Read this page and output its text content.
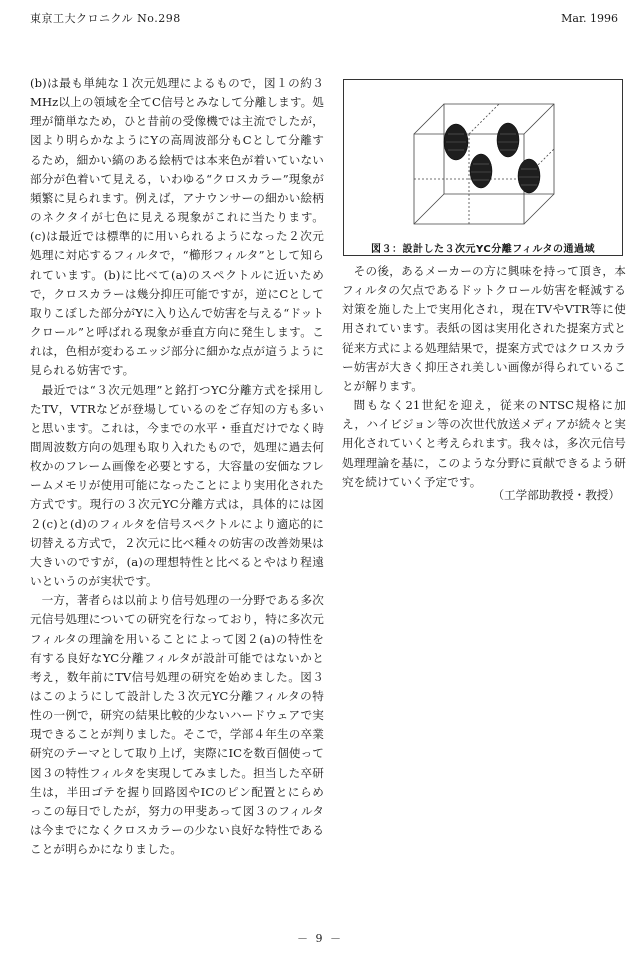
東京工大クロニクル No.298	Mar. 1996

(b)は最も単純な１次元処理によるもので，図１の約３MHz以上の領域を全てC信号とみなして分離します。処理が簡単なため，ひと昔前の受像機では主流でしたが，図より明らかなようにYの高周波部分もCとして分離するため，細かい縞のある絵柄では本来色が着いていない部分が色着いて見える，いわゆる“クロスカラー”現象が頻繁に見られます。例えば，アナウンサーの細かい絵柄のネクタイが七色に見える現象がこれに当たります。(c)は最近では標準的に用いられるようになった２次元処理に対応するフィルタで，“櫛形フィルタ”として知られています。(b)に比べて(a)のスペクトルに近いためで，クロスカラーは幾分抑圧可能ですが，逆にCとして取りこぼした部分がYに入り込んで妨害を与える“ドットクロール”と呼ばれる現象が垂直方向に発生します。これは，色相が変わるエッジ部分に細かな点が這うように見られる妨害です。

最近では“３次元処理”と銘打つYC分離方式を採用したTV，VTRなどが登場しているのをご存知の方も多いと思います。これは，今までの水平・垂直だけでなく時間周波数方向の処理も取り入れたもので，処理に過去何枚かのフレーム画像を必要とする，大容量の安価なフレームメモリが使用可能になったことにより実用化された方式です。現行の３次元YC分離方式は，具体的には図２(c)と(d)のフィルタを信号スペクトルにより適応的に切替える方式で，２次元に比べ種々の妨害の改善効果は大きいのですが，(a)の理想特性と比べるとやはり程遠いというのが実状です。

一方，著者らは以前より信号処理の一分野である多次元信号処理についての研究を行なっており，特に多次元フィルタの理論を用いることによって図２(a)の特性を有する良好なYC分離フィルタが設計可能ではないかと考え，数年前にTV信号処理の研究を始めました。図３はこのようにして設計した３次元YC分離フィルタの特性の一例で，研究の結果比較的少ないハードウェアで実現できることが判りました。そこで，学部４年生の卒業研究のテーマとして取り上げ，実際にICを数百個使って図３の特性フィルタを実現してみました。担当した卒研生は，半田ゴテを握り回路図やICのピン配置とにらめっこの毎日でしたが，努力の甲斐あって図３のフィルタは今までになくクロスカラーの少ない良好な特性であることが明らかになりました。

図３：設計した３次元YC分離フィルタの通過域

その後，あるメーカーの方に興味を持って頂き，本フィルタの欠点であるドットクロール妨害を軽減する対策を施した上で実用化され，現在TVやVTR等に使用されています。表紙の図は実用化された提案方式と従来方式による処理結果で，提案方式ではクロスカラー妨害が大きく抑圧され美しい画像が得られていることが解ります。

間もなく21世紀を迎え，従来のNTSC規格に加え，ハイビジョン等の次世代放送メディアが続々と実用化されていくと考えられます。我々は，多次元信号処理理論を基に，このような分野に貢献できるよう研究を続けていく予定です。

（工学部助教授・教授）
－ 9 －
